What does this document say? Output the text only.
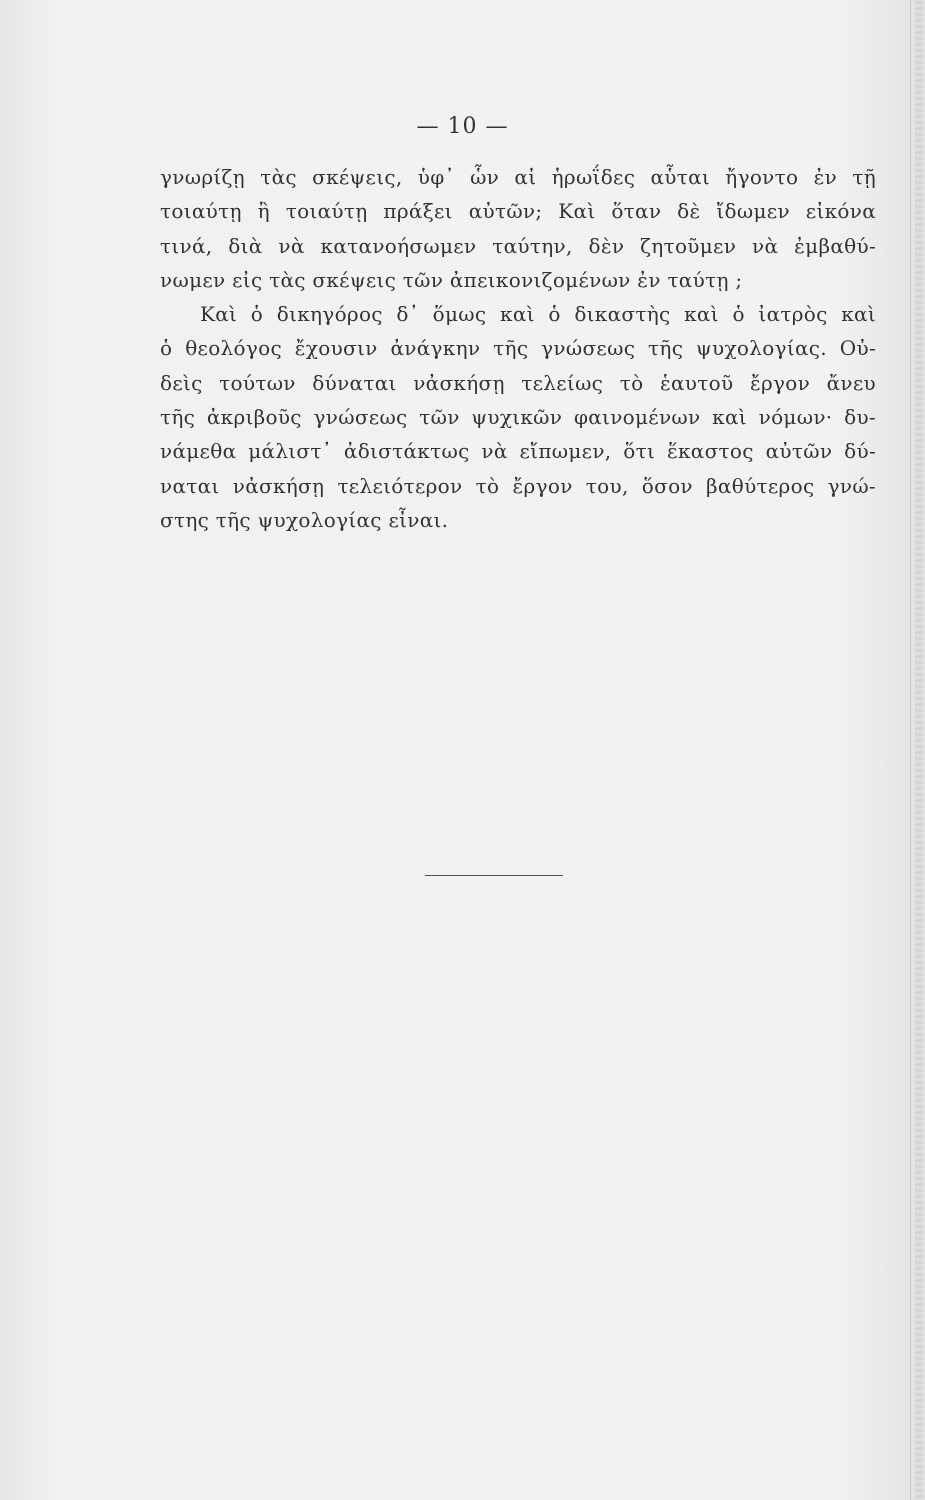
— 10 —
γνωρίζῃ τὰς σκέψεις, ὑφ᾽ ὧν αἱ ἡρωΐδες αὗται ἤγοντο ἐν τῇ
τοιαύτῃ ἢ τοιαύτῃ πράξει αὐτῶν; Καὶ ὅταν δὲ ἴδωμεν εἰκόνα
τινά, διὰ νὰ κατανοήσωμεν ταύτην, δὲν ζητοῦμεν νὰ ἐμβαθύ-
νωμεν εἰς τὰς σκέψεις τῶν ἀπεικονιζομένων ἐν ταύτῃ ;
Καὶ ὁ δικηγόρος δ᾽ ὅμως καὶ ὁ δικαστὴς καὶ ὁ ἰατρὸς καὶ
ὁ θεολόγος ἔχουσιν ἀνάγκην τῆς γνώσεως τῆς ψυχολογίας. Οὐ-
δεὶς τούτων δύναται νἀσκήσῃ τελείως τὸ ἑαυτοῦ ἔργον ἄνευ
τῆς ἀκριβοῦς γνώσεως τῶν ψυχικῶν φαινομένων καὶ νόμων· δυ-
νάμεθα μάλιστ᾽ ἀδιστάκτως νὰ εἴπωμεν, ὅτι ἕκαστος αὐτῶν δύ-
ναται νἀσκήσῃ τελειότερον τὸ ἔργον του, ὅσον βαθύτερος γνώ-
στης τῆς ψυχολογίας εἶναι.
